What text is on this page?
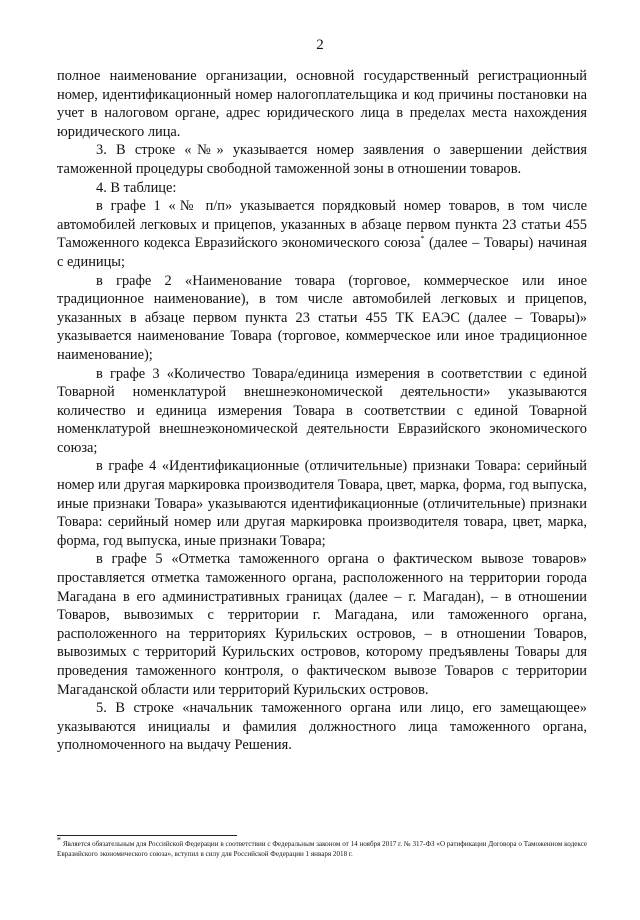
2

полное наименование организации, основной государственный регистрационный номер, идентификационный номер налогоплательщика и код причины постановки на учет в налоговом органе, адрес юридического лица в пределах места нахождения юридического лица.

3. В строке «№» указывается номер заявления о завершении действия таможенной процедуры свободной таможенной зоны в отношении товаров.

4. В таблице:

в графе 1 «№ п/п» указывается порядковый номер товаров, в том числе автомобилей легковых и прицепов, указанных в абзаце первом пункта 23 статьи 455 Таможенного кодекса Евразийского экономического союза* (далее – Товары) начиная с единицы;

в графе 2 «Наименование товара (торговое, коммерческое или иное традиционное наименование), в том числе автомобилей легковых и прицепов, указанных в абзаце первом пункта 23 статьи 455 ТК ЕАЭС (далее – Товары)» указывается наименование Товара (торговое, коммерческое или иное традиционное наименование);

в графе 3 «Количество Товара/единица измерения в соответствии с единой Товарной номенклатурой внешнеэкономической деятельности» указываются количество и единица измерения Товара в соответствии с единой Товарной номенклатурой внешнеэкономической деятельности Евразийского экономического союза;

в графе 4 «Идентификационные (отличительные) признаки Товара: серийный номер или другая маркировка производителя Товара, цвет, марка, форма, год выпуска, иные признаки Товара» указываются идентификационные (отличительные) признаки Товара: серийный номер или другая маркировка производителя товара, цвет, марка, форма, год выпуска, иные признаки Товара;

в графе 5 «Отметка таможенного органа о фактическом вывозе товаров» проставляется отметка таможенного органа, расположенного на территории города Магадана в его административных границах (далее – г. Магадан), – в отношении Товаров, вывозимых с территории г. Магадана, или таможенного органа, расположенного на территориях Курильских островов, – в отношении Товаров, вывозимых с территорий Курильских островов, которому предъявлены Товары для проведения таможенного контроля, о фактическом вывозе Товаров с территории Магаданской области или территорий Курильских островов.

5. В строке «начальник таможенного органа или лицо, его замещающее» указываются инициалы и фамилия должностного лица таможенного органа, уполномоченного на выдачу Решения.

* Является обязательным для Российской Федерации в соответствии с Федеральным законом от 14 ноября 2017 г. № 317-ФЗ «О ратификации Договора о Таможенном кодексе Евразийского экономического союза», вступил в силу для Российской Федерации 1 января 2018 г.
